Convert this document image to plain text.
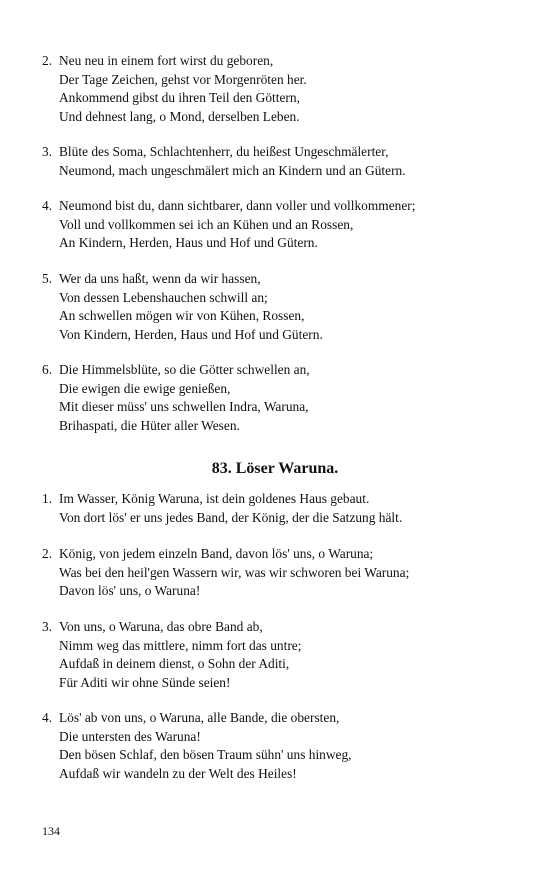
2. Neu neu in einem fort wirst du geboren,
Der Tage Zeichen, gehst vor Morgenröten her.
Ankommend gibst du ihren Teil den Göttern,
Und dehnest lang, o Mond, derselben Leben.
3. Blüte des Soma, Schlachtenherr, du heißest Ungeschmälerter,
Neumond, mach ungeschmälert mich an Kindern und an Gütern.
4. Neumond bist du, dann sichtbarer, dann voller und vollkommener;
Voll und vollkommen sei ich an Kühen und an Rossen,
An Kindern, Herden, Haus und Hof und Gütern.
5. Wer da uns haßt, wenn da wir hassen,
Von dessen Lebenshauchen schwill an;
An schwellen mögen wir von Kühen, Rossen,
Von Kindern, Herden, Haus und Hof und Gütern.
6. Die Himmelsblüte, so die Götter schwellen an,
Die ewigen die ewige genießen,
Mit dieser müss' uns schwellen Indra, Waruna,
Brihaspati, die Hüter aller Wesen.
83. Löser Waruna.
1. Im Wasser, König Waruna, ist dein goldenes Haus gebaut.
Von dort lös' er uns jedes Band, der König, der die Satzung hält.
2. König, von jedem einzeln Band, davon lös' uns, o Waruna;
Was bei den heil'gen Wassern wir, was wir schworen bei Waruna;
Davon lös' uns, o Waruna!
3. Von uns, o Waruna, das obre Band ab,
Nimm weg das mittlere, nimm fort das untre;
Aufdaß in deinem dienst, o Sohn der Aditi,
Für Aditi wir ohne Sünde seien!
4. Lös' ab von uns, o Waruna, alle Bande, die obersten,
Die untersten des Waruna!
Den bösen Schlaf, den bösen Traum sühn' uns hinweg,
Aufdaß wir wandeln zu der Welt des Heiles!
134
